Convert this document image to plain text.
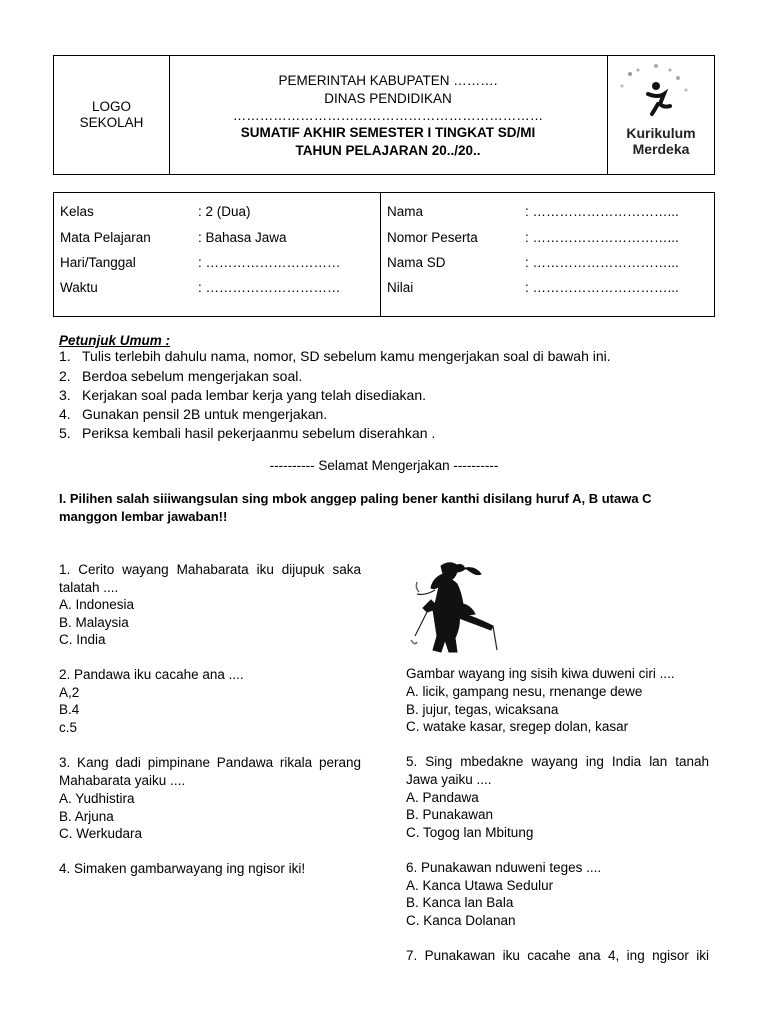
LOGO
SEKOLAH
PEMERINTAH KABUPATEN ……….
DINAS PENDIDIKAN
……………………………………………………………
SUMATIF AKHIR SEMESTER I TINGKAT SD/MI
TAHUN PELAJARAN 20../20..
Kurikulum
Merdeka
Kelas	: 2 (Dua)
Mata Pelajaran	: Bahasa Jawa
Hari/Tanggal	: …………………………
Waktu	: …………………………
Nama	: …………………………...
Nomor Peserta	: …………………………...
Nama SD	: …………………………...
Nilai	: …………………………...
Petunjuk Umum :
1. Tulis terlebih dahulu nama, nomor, SD sebelum kamu mengerjakan soal di bawah ini.
2. Berdoa sebelum mengerjakan soal.
3. Kerjakan soal pada lembar kerja yang telah disediakan.
4. Gunakan pensil 2B untuk mengerjakan.
5. Periksa kembali hasil pekerjaanmu sebelum diserahkan .
---------- Selamat Mengerjakan ----------
I. Pilihen salah siiiwangsulan sing mbok anggep paling bener kanthi disilang huruf A, B utawa C
manggon lembar jawaban!!
1. Cerito wayang Mahabarata iku dijupuk saka
talatah ....
A. Indonesia
B. Malaysia
C. India
2. Pandawa iku cacahe ana ....
A,2
B.4
c.5
3. Kang dadi pimpinane Pandawa rikala perang
Mahabarata yaiku ....
A. Yudhistira
B. Arjuna
C. Werkudara
4. Simaken gambarwayang ing ngisor iki!
Gambar wayang ing sisih kiwa duweni ciri ....
A. licik, gampang nesu, rnenange dewe
B. jujur, tegas, wicaksana
C. watake kasar, sregep dolan, kasar
5. Sing mbedakne wayang ing India lan tanah
Jawa yaiku ....
A. Pandawa
B. Punakawan
C. Togog lan Mbitung
6. Punakawan nduweni teges ....
A. Kanca Utawa Sedulur
B. Kanca lan Bala
C. Kanca Dolanan
7. Punakawan iku cacahe ana 4, ing ngisor iki
